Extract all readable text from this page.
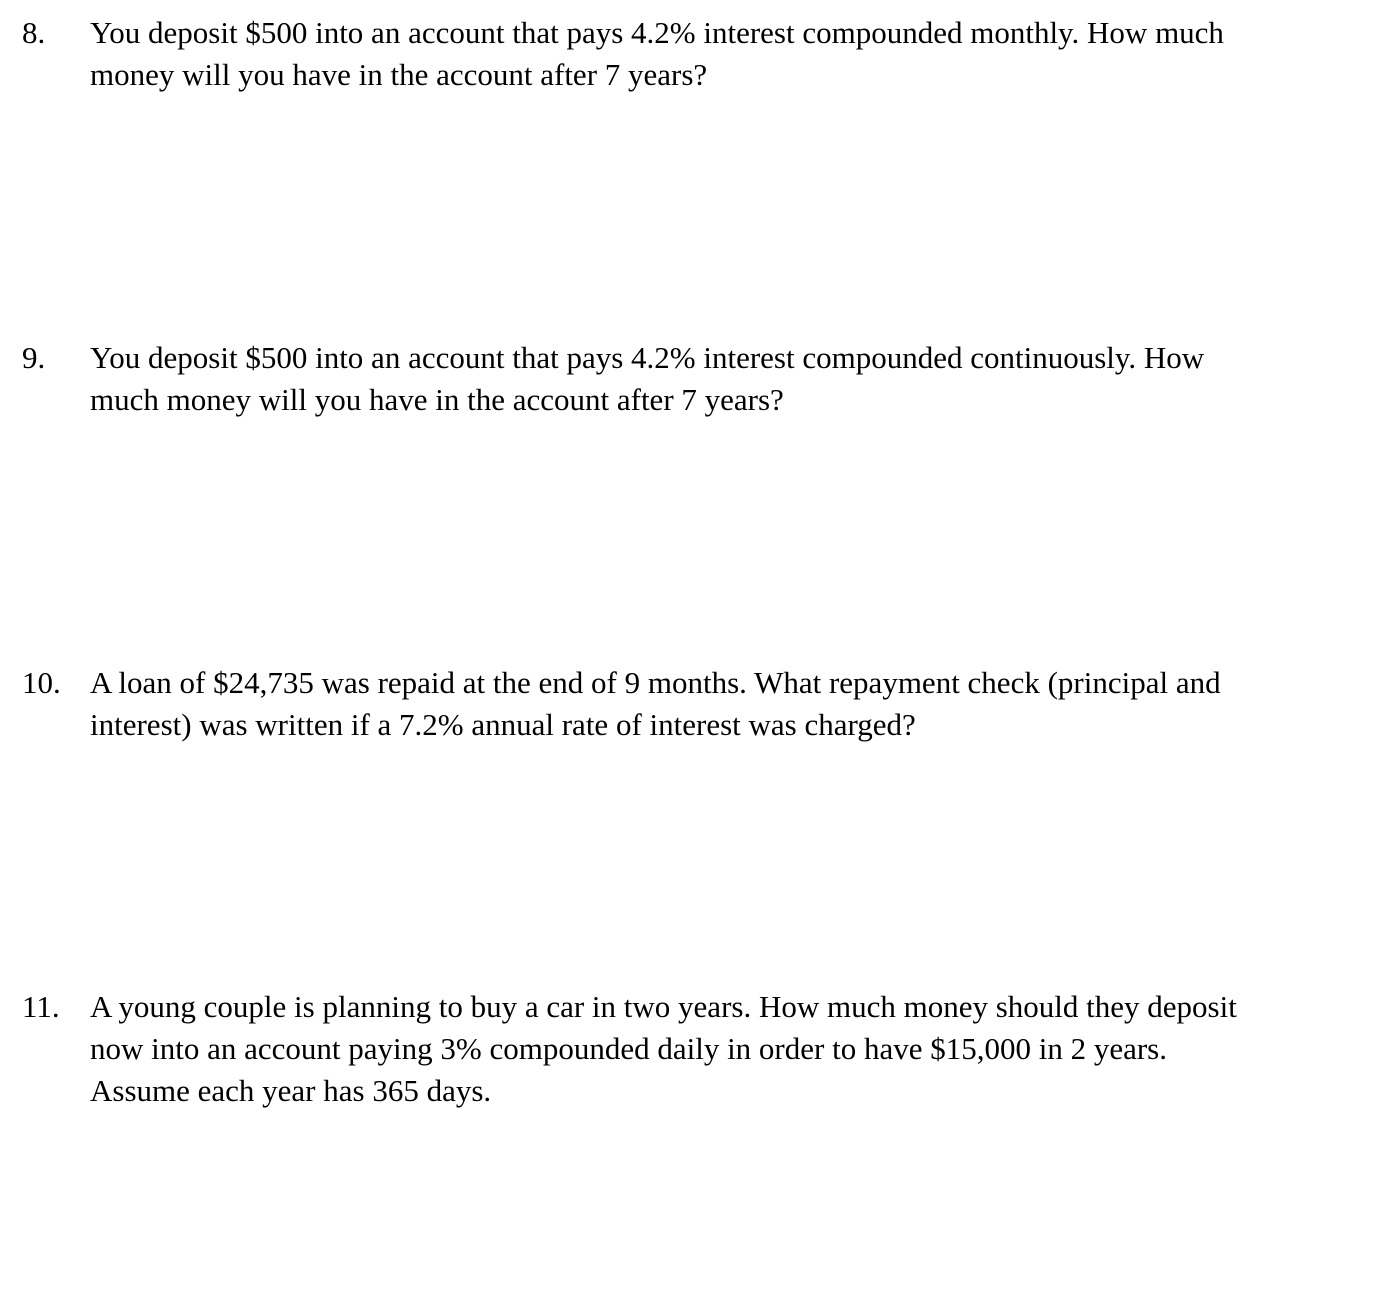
8.	You deposit $500 into an account that pays 4.2% interest compounded monthly. How much
money will you have in the account after 7 years?
9.	You deposit $500 into an account that pays 4.2% interest compounded continuously. How
much money will you have in the account after 7 years?
10. A loan of $24,735 was repaid at the end of 9 months. What repayment check (principal and
interest) was written if a 7.2% annual rate of interest was charged?
11. A young couple is planning to buy a car in two years. How much money should they deposit
now into an account paying 3% compounded daily in order to have $15,000 in 2 years.
Assume each year has 365 days.
